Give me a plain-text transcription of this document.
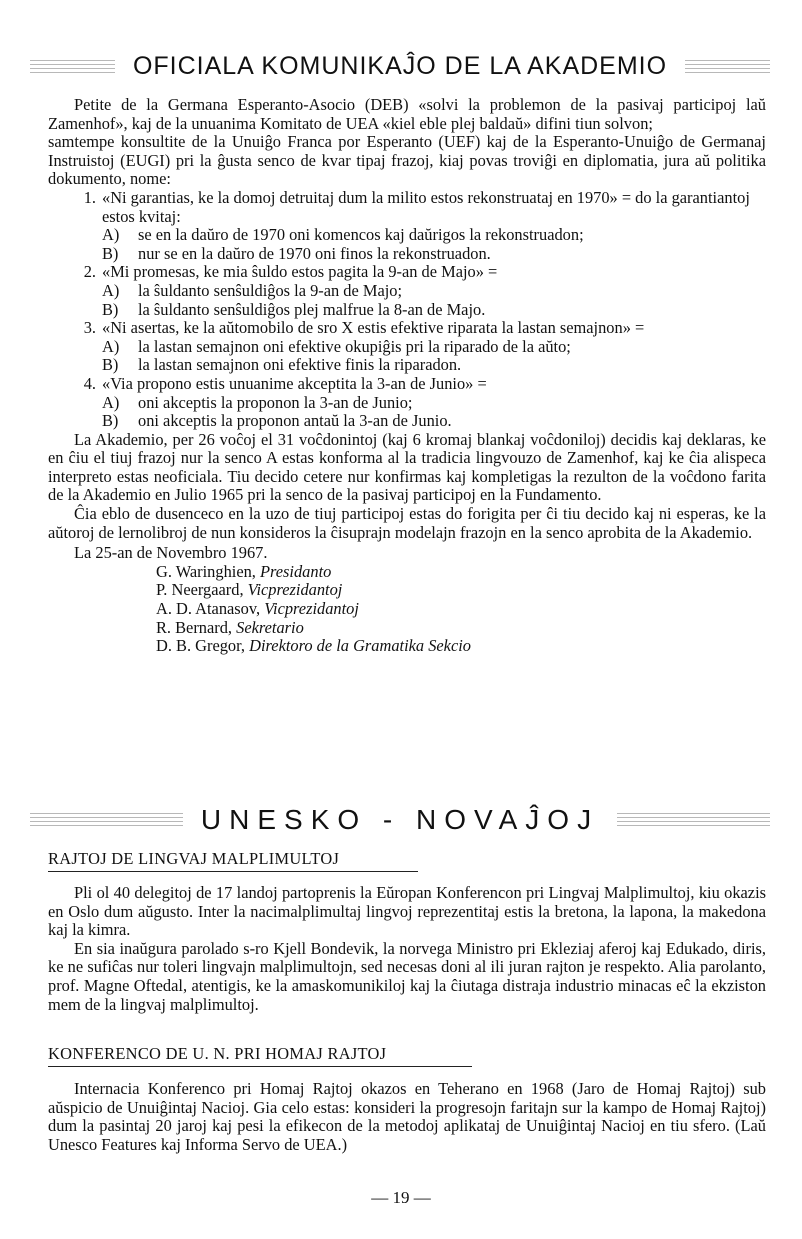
OFICIALA KOMUNIKAĴO DE LA AKADEMIO

Petite de la Germana Esperanto-Asocio (DEB) «solvi la problemon de la pasivaj participoj laŭ Zamenhof», kaj de la unuanima Komitato de UEA «kiel eble plej baldaŭ» difini tiun solvon;

samtempe konsultite de la Unuiĝo Franca por Esperanto (UEF) kaj de la Esperanto-Unuiĝo de Germanaj Instruistoj (EUGI) pri la ĝusta senco de kvar tipaj frazoj, kiaj povas troviĝi en diplomatia, jura aŭ politika dokumento, nome:

1. «Ni garantias, ke la domoj detruitaj dum la milito estos rekonstruataj en 1970» = do la garantiantoj estos kvitaj:
A)	se en la daŭro de 1970 oni komencos kaj daŭrigos la rekonstruadon;
B)	nur se en la daŭro de 1970 oni finos la rekonstruadon.
2. «Mi promesas, ke mia ŝuldo estos pagita la 9-an de Majo» =
A)	la ŝuldanto senŝuldiĝos la 9-an de Majo;
B)	la ŝuldanto senŝuldiĝos plej malfrue la 8-an de Majo.
3. «Ni asertas, ke la aŭtomobilo de sro X estis efektive riparata la lastan semajnon» =
A)	la lastan semajnon oni efektive okupiĝis pri la riparado de la aŭto;
B)	la lastan semajnon oni efektive finis la riparadon.
4. «Via propono estis unuanime akceptita la 3-an de Junio» =
A)	oni akceptis la proponon la 3-an de Junio;
B)	oni akceptis la proponon antaŭ la 3-an de Junio.

La Akademio, per 26 voĉoj el 31 voĉdonintoj (kaj 6 kromaj blankaj voĉdoniloj) decidis kaj deklaras, ke en ĉiu el tiuj frazoj nur la senco A estas konforma al la tradicia lingvouzo de Zamenhof, kaj ke ĉia alispeca interpreto estas neoficiala. Tiu decido cetere nur konfirmas kaj kompletigas la rezulton de la voĉdono farita de la Akademio en Julio 1965 pri la senco de la pasivaj participoj en la Fundamento.

Ĉia eblo de dusenceco en la uzo de tiuj participoj estas do forigita per ĉi tiu decido kaj ni esperas, ke la aŭtoroj de lernolibroj de nun konsideros la ĉisuprajn modelajn frazojn en la senco aprobita de la Akademio.

La 25-an de Novembro 1967.
G. Waringhien, Presidanto
P. Neergaard, Vicprezidantoj
A. D. Atanasov, Vicprezidantoj
R. Bernard, Sekretario
D. B. Gregor, Direktoro de la Gramatika Sekcio
UNESKO - NOVAĴOJ
RAJTOJ DE LINGVAJ MALPLIMULTOJ

Pli ol 40 delegitoj de 17 landoj partoprenis la Eŭropan Konferencon pri Lingvaj Malplimultoj, kiu okazis en Oslo dum aŭgusto. Inter la nacimalplimultaj lingvoj reprezentitaj estis la bretona, la lapona, la makedona kaj la kimra.

En sia inaŭgura parolado s-ro Kjell Bondevik, la norvega Ministro pri Ekleziaj aferoj kaj Edukado, diris, ke ne sufiĉas nur toleri lingvajn malplimultojn, sed necesas doni al ili juran rajton je respekto. Alia parolanto, prof. Magne Oftedal, atentigis, ke la amaskomunikiloj kaj la ĉiutaga distraja industrio minacas eĉ la ekziston mem de la lingvaj malplimultoj.

KONFERENCO DE U. N. PRI HOMAJ RAJTOJ

Internacia Konferenco pri Homaj Rajtoj okazos en Teherano en 1968 (Jaro de Homaj Rajtoj) sub aŭspicio de Unuiĝintaj Nacioj. Gia celo estas: konsideri la progresojn faritajn sur la kampo de Homaj Rajtoj) dum la pasintaj 20 jaroj kaj pesi la efikecon de la metodoj aplikataj de Unuiĝintaj Nacioj en tiu sfero. (Laŭ Unesco Features kaj Informa Servo de UEA.)

— 19 —
